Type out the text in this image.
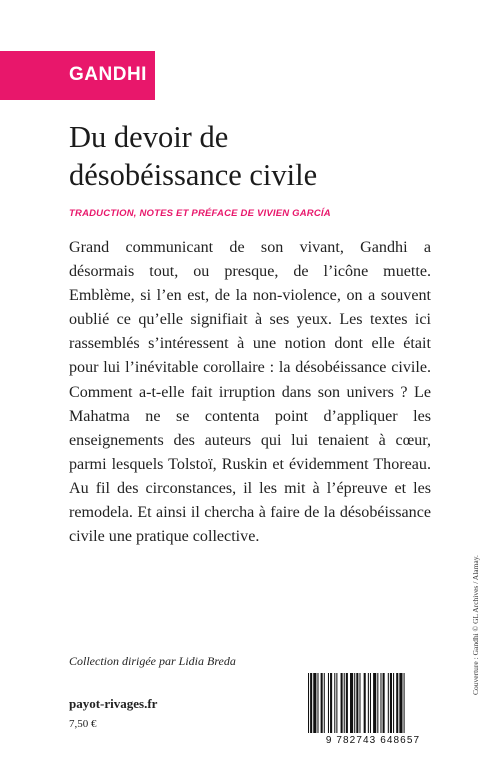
GANDHI
Du devoir de
désobéissance civile
TRADUCTION, NOTES ET PRÉFACE DE VIVIEN GARCÍA
Grand communicant de son vivant, Gandhi a
désormais tout, ou presque, de l’icône muette.
Emblème, si l’en est, de la non-violence, on a souvent
oublié ce qu’elle signifiait à ses yeux. Les textes ici
rassemblés s’intéressent à une notion dont elle était
pour lui l’inévitable corollaire : la désobéissance civile.
Comment a-t-elle fait irruption dans son univers ? Le
Mahatma ne se contenta point d’appliquer les
enseignements des auteurs qui lui tenaient à cœur,
parmi lesquels Tolstoï, Ruskin et évidemment Thoreau.
Au fil des circonstances, il les mit à l’épreuve et les
remodela. Et ainsi il chercha à faire de la désobéissance
civile une pratique collective.
Collection dirigée par Lidia Breda
payot-rivages.fr
7,50 €
9 782743 648657
Couverture : Gandhi © GL Archives / Alamay.
